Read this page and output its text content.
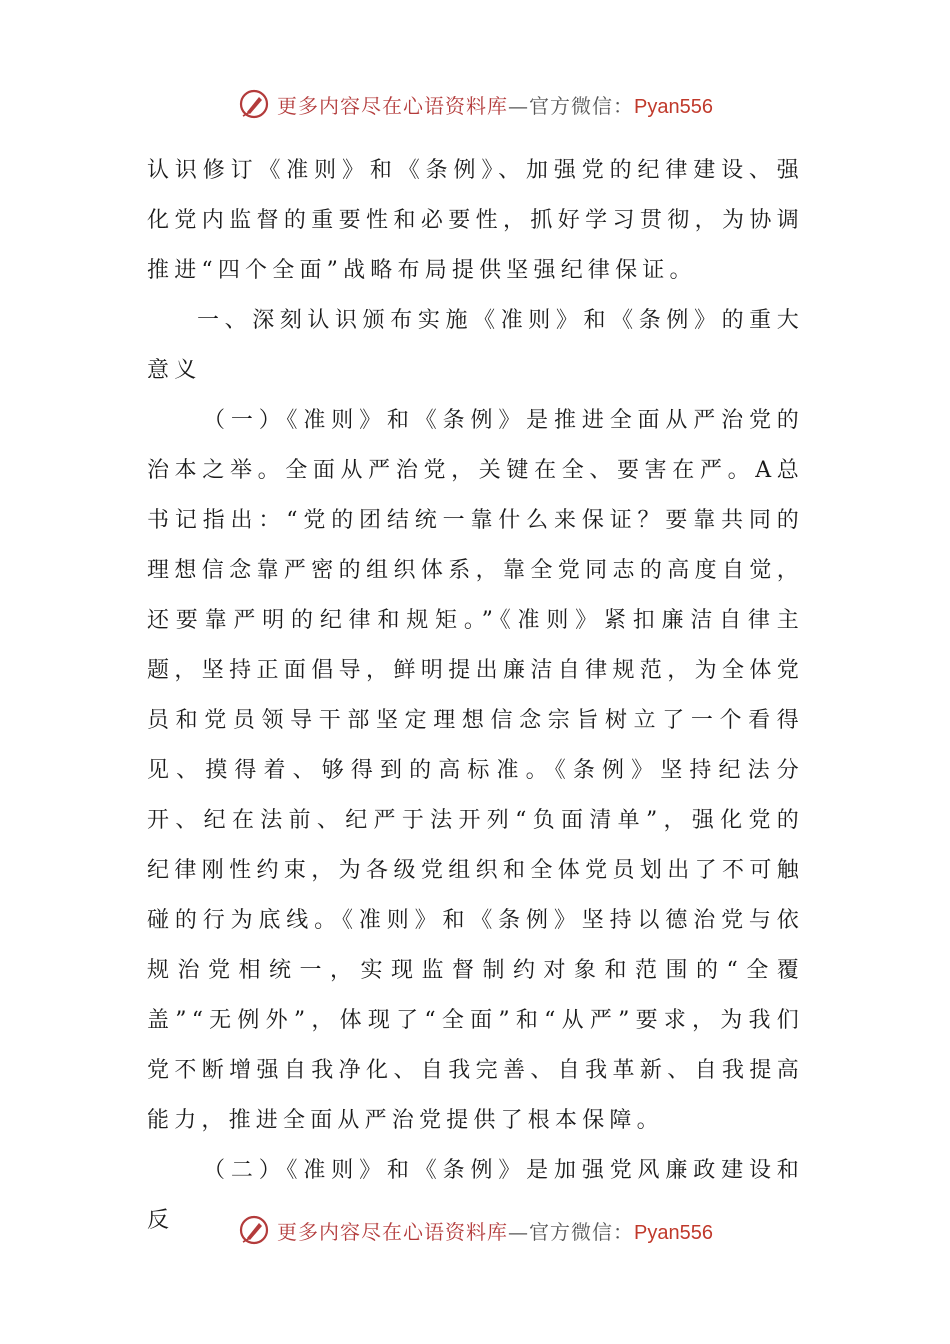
更多内容尽在心语资料库—官方微信：Pyan556

认识修订《准则》和《条例》、加强党的纪律建设、强化党内监督的重要性和必要性，抓好学习贯彻，为协调推进“四个全面”战略布局提供坚强纪律保证。

一、深刻认识颁布实施《准则》和《条例》的重大意义

（一）《准则》和《条例》是推进全面从严治党的治本之举。全面从严治党，关键在全、要害在严。A总书记指出：“党的团结统一靠什么来保证？要靠共同的理想信念靠严密的组织体系，靠全党同志的高度自觉，还要靠严明的纪律和规矩。”《准则》紧扣廉洁自律主题，坚持正面倡导，鲜明提出廉洁自律规范，为全体党员和党员领导干部坚定理想信念宗旨树立了一个看得见、摸得着、够得到的高标准。《条例》坚持纪法分开、纪在法前、纪严于法开列“负面清单”，强化党的纪律刚性约束，为各级党组织和全体党员划出了不可触碰的行为底线。《准则》和《条例》坚持以德治党与依规治党相统一，实现监督制约对象和范围的“全覆盖”“无例外”，体现了“全面”和“从严”要求，为我们党不断增强自我净化、自我完善、自我革新、自我提高能力，推进全面从严治党提供了根本保障。

（二）《准则》和《条例》是加强党风廉政建设和反	更多内容尽在心语资料库—官方微信：Pyan556
